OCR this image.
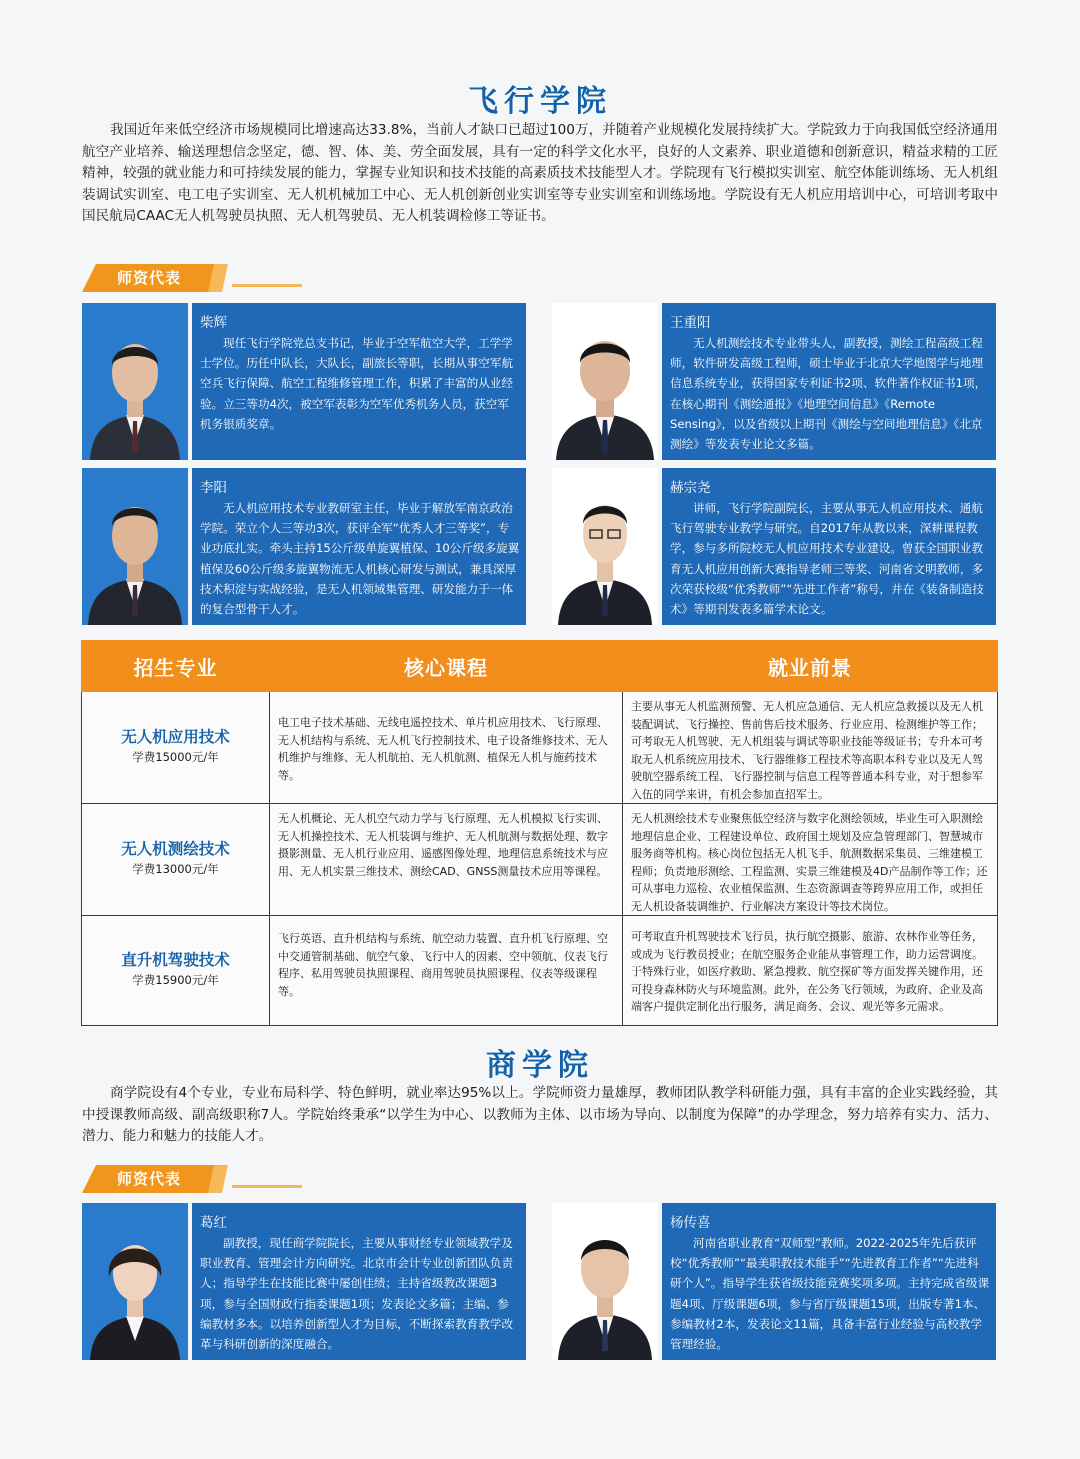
飞行学院

我国近年来低空经济市场规模同比增速高达33.8%，当前人才缺口已超过100万，并随着产业规模化发展持续扩大。学院致力于向我国低空经济通用航空产业培养、输送理想信念坚定，德、智、体、美、劳全面发展，具有一定的科学文化水平，良好的人文素养、职业道德和创新意识，精益求精的工匠精神，较强的就业能力和可持续发展的能力，掌握专业知识和技术技能的高素质技术技能型人才。学院现有飞行模拟实训室、航空体能训练场、无人机组装调试实训室、电工电子实训室、无人机机械加工中心、无人机创新创业实训室等专业实训室和训练场地。学院设有无人机应用培训中心，可培训考取中国民航局CAAC无人机驾驶员执照、无人机驾驶员、无人机装调检修工等证书。

师资代表
柴辉

现任飞行学院党总支书记，毕业于空军航空大学，工学学士学位。历任中队长，大队长，副旅长等职，长期从事空军航空兵飞行保障、航空工程维修管理工作，积累了丰富的从业经验。立三等功4次，被空军表彰为空军优秀机务人员，获空军机务银质奖章。

王重阳

无人机测绘技术专业带头人，副教授，测绘工程高级工程师，软件研发高级工程师，硕士毕业于北京大学地图学与地理信息系统专业，获得国家专利证书2项、软件著作权证书1项，在核心期刊《测绘通报》《地理空间信息》《Remote Sensing》，以及省级以上期刊《测绘与空间地理信息》《北京测绘》等发表专业论文多篇。

李阳

无人机应用技术专业教研室主任，毕业于解放军南京政治学院。荣立个人三等功3次，获评全军“优秀人才三等奖”，专业功底扎实。牵头主持15公斤级单旋翼植保、10公斤级多旋翼植保及60公斤级多旋翼物流无人机核心研发与测试，兼具深厚技术积淀与实战经验，是无人机领域集管理、研发能力于一体的复合型骨干人才。

赫宗尧

讲师，飞行学院副院长，主要从事无人机应用技术、通航飞行驾驶专业教学与研究。自2017年从教以来，深耕课程教学，参与多所院校无人机应用技术专业建设。曾获全国职业教育无人机应用创新大赛指导老师三等奖、河南省文明教师，多次荣获校级“优秀教师”“先进工作者”称号，并在《装备制造技术》等期刊发表多篇学术论文。

招生专业	核心课程	就业前景

无人机应用技术
学费15000元/年	电工电子技术基础、无线电遥控技术、单片机应用技术、飞行原理、无人机结构与系统、无人机飞行控制技术、电子设备维修技术、无人机维护与维修、无人机航拍、无人机航测、植保无人机与施药技术等。	主要从事无人机监测预警、无人机应急通信、无人机应急救援以及无人机装配调试、飞行操控、售前售后技术服务、行业应用、检测维护等工作；可考取无人机驾驶、无人机组装与调试等职业技能等级证书；专升本可考取无人机系统应用技术、飞行器维修工程技术等高职本科专业以及无人驾驶航空器系统工程、飞行器控制与信息工程等普通本科专业，对于想参军入伍的同学来讲，有机会参加直招军士。

无人机测绘技术
学费13000元/年	无人机概论、无人机空气动力学与飞行原理、无人机模拟飞行实训、无人机操控技术、无人机装调与维护、无人机航测与数据处理、数字摄影测量、无人机行业应用、遥感图像处理、地理信息系统技术与应用、无人机实景三维技术、测绘CAD、GNSS测量技术应用等课程。	无人机测绘技术专业聚焦低空经济与数字化测绘领域，毕业生可入职测绘地理信息企业、工程建设单位、政府国土规划及应急管理部门、智慧城市服务商等机构。核心岗位包括无人机飞手、航测数据采集员、三维建模工程师；负责地形测绘、工程监测、实景三维建模及4D产品制作等工作；还可从事电力巡检、农业植保监测、生态资源调查等跨界应用工作，或担任无人机设备装调维护、行业解决方案设计等技术岗位。

直升机驾驶技术
学费15900元/年	飞行英语、直升机结构与系统、航空动力装置、直升机飞行原理、空中交通管制基础、航空气象、飞行中人的因素、空中领航、仪表飞行程序、私用驾驶员执照课程、商用驾驶员执照课程、仪表等级课程等。	可考取直升机驾驶技术飞行员，执行航空摄影、旅游、农林作业等任务，或成为飞行教员授业；在航空服务企业能从事管理工作，助力运营调度。于特殊行业，如医疗救助、紧急搜救、航空探矿等方面发挥关键作用，还可投身森林防火与环境监测。此外，在公务飞行领域，为政府、企业及高端客户提供定制化出行服务，满足商务、会议、观光等多元需求。
商学院

商学院设有4个专业，专业布局科学、特色鲜明，就业率达95%以上。学院师资力量雄厚，教师团队教学科研能力强，具有丰富的企业实践经验，其中授课教师高级、副高级职称7人。学院始终秉承“以学生为中心、以教师为主体、以市场为导向、以制度为保障”的办学理念，努力培养有实力、活力、潜力、能力和魅力的技能人才。

师资代表
葛红

副教授，现任商学院院长，主要从事财经专业领域教学及职业教育、管理会计方向研究。北京市会计专业创新团队负责人；指导学生在技能比赛中屡创佳绩；主持省级教改课题3项，参与全国财政行指委课题1项；发表论文多篇；主编、参编教材多本。以培养创新型人才为目标，不断探索教育教学改革与科研创新的深度融合。

杨传喜

河南省职业教育“双师型”教师。2022-2025年先后获评校“优秀教师”“最美职教技术能手”“先进教育工作者”“先进科研个人”。指导学生获省级技能竞赛奖项多项。主持完成省级课题4项、厅级课题6项，参与省厅级课题15项，出版专著1本、参编教材2本，发表论文11篇，具备丰富行业经验与高校教学管理经验。
